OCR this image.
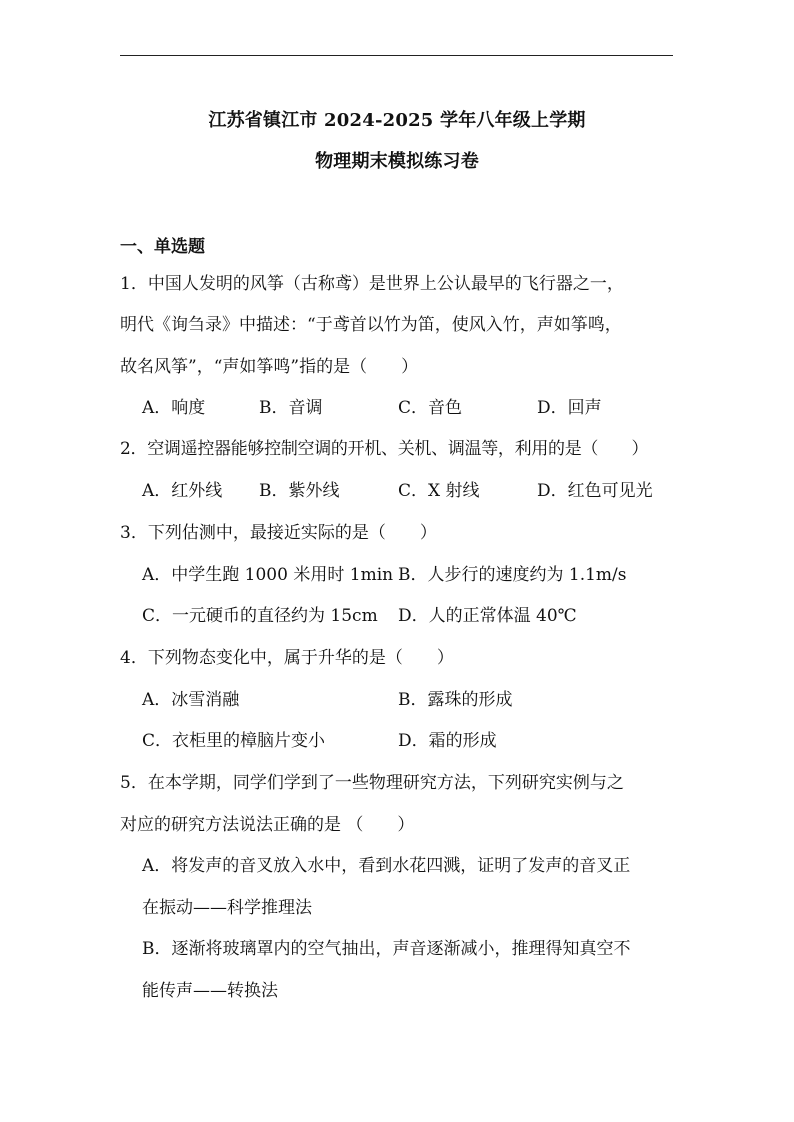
江苏省镇江市 2024-2025 学年八年级上学期
物理期末模拟练习卷
一、单选题
1．中国人发明的风筝（古称鸢）是世界上公认最早的飞行器之一，
明代《询刍录》中描述：“于鸢首以竹为笛，使风入竹，声如筝鸣，
故名风筝”，“声如筝鸣”指的是（　　）
A．响度	B．音调	C．音色	D．回声
2．空调遥控器能够控制空调的开机、关机、调温等，利用的是（　　）
A．红外线 B．紫外线	C．X 射线	D．红色可见光
3．下列估测中，最接近实际的是（　　）
A．中学生跑 1000 米用时 1min B．人步行的速度约为 1.1m/s
C．一元硬币的直径约为 15cm D．人的正常体温 40℃
4．下列物态变化中，属于升华的是（　　）
A．冰雪消融	B．露珠的形成
C．衣柜里的樟脑片变小	D．霜的形成
5．在本学期，同学们学到了一些物理研究方法，下列研究实例与之
对应的研究方法说法正确的是 （　　）
A．将发声的音叉放入水中，看到水花四溅，证明了发声的音叉正
在振动——科学推理法
B．逐渐将玻璃罩内的空气抽出，声音逐渐减小，推理得知真空不
能传声——转换法
